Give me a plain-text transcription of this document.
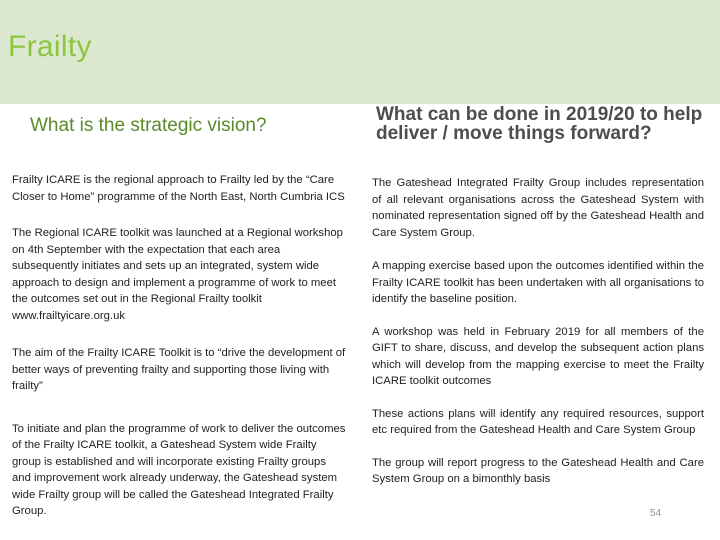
Frailty
What is the strategic vision?
What can be done in 2019/20 to help deliver / move things forward?

Frailty ICARE is the regional approach to Frailty led by the “Care Closer to Home” programme of the North East, North Cumbria ICS

The Regional ICARE toolkit was launched at a Regional workshop on 4th September with the expectation that each area subsequently initiates and sets up an integrated, system wide approach to design and implement a programme of work to meet the outcomes set out in the Regional Frailty toolkit www.frailtyicare.org.uk

The aim of the Frailty ICARE Toolkit is to “drive the development of better ways of preventing frailty and supporting those living with frailty”

To initiate and plan the programme of work to deliver the outcomes of the Frailty ICARE toolkit, a Gateshead System wide Frailty group is established and will incorporate existing Frailty groups and improvement work already underway, the Gateshead system wide Frailty group will be called the Gateshead Integrated Frailty Group.

The Gateshead Integrated Frailty Group includes representation of all relevant organisations across the Gateshead System with nominated representation signed off by the Gateshead Health and Care System Group.

A mapping exercise based upon the outcomes identified within the Frailty ICARE toolkit has been undertaken with all organisations to identify the baseline position.

A workshop was held in February 2019 for all members of the GIFT to share, discuss, and develop the subsequent action plans which will develop from the mapping exercise to meet the Frailty ICARE toolkit outcomes

These actions plans will identify any required resources, support etc required from the Gateshead Health and Care System Group

The group will report progress to the Gateshead Health and Care System Group on a bimonthly basis

54
